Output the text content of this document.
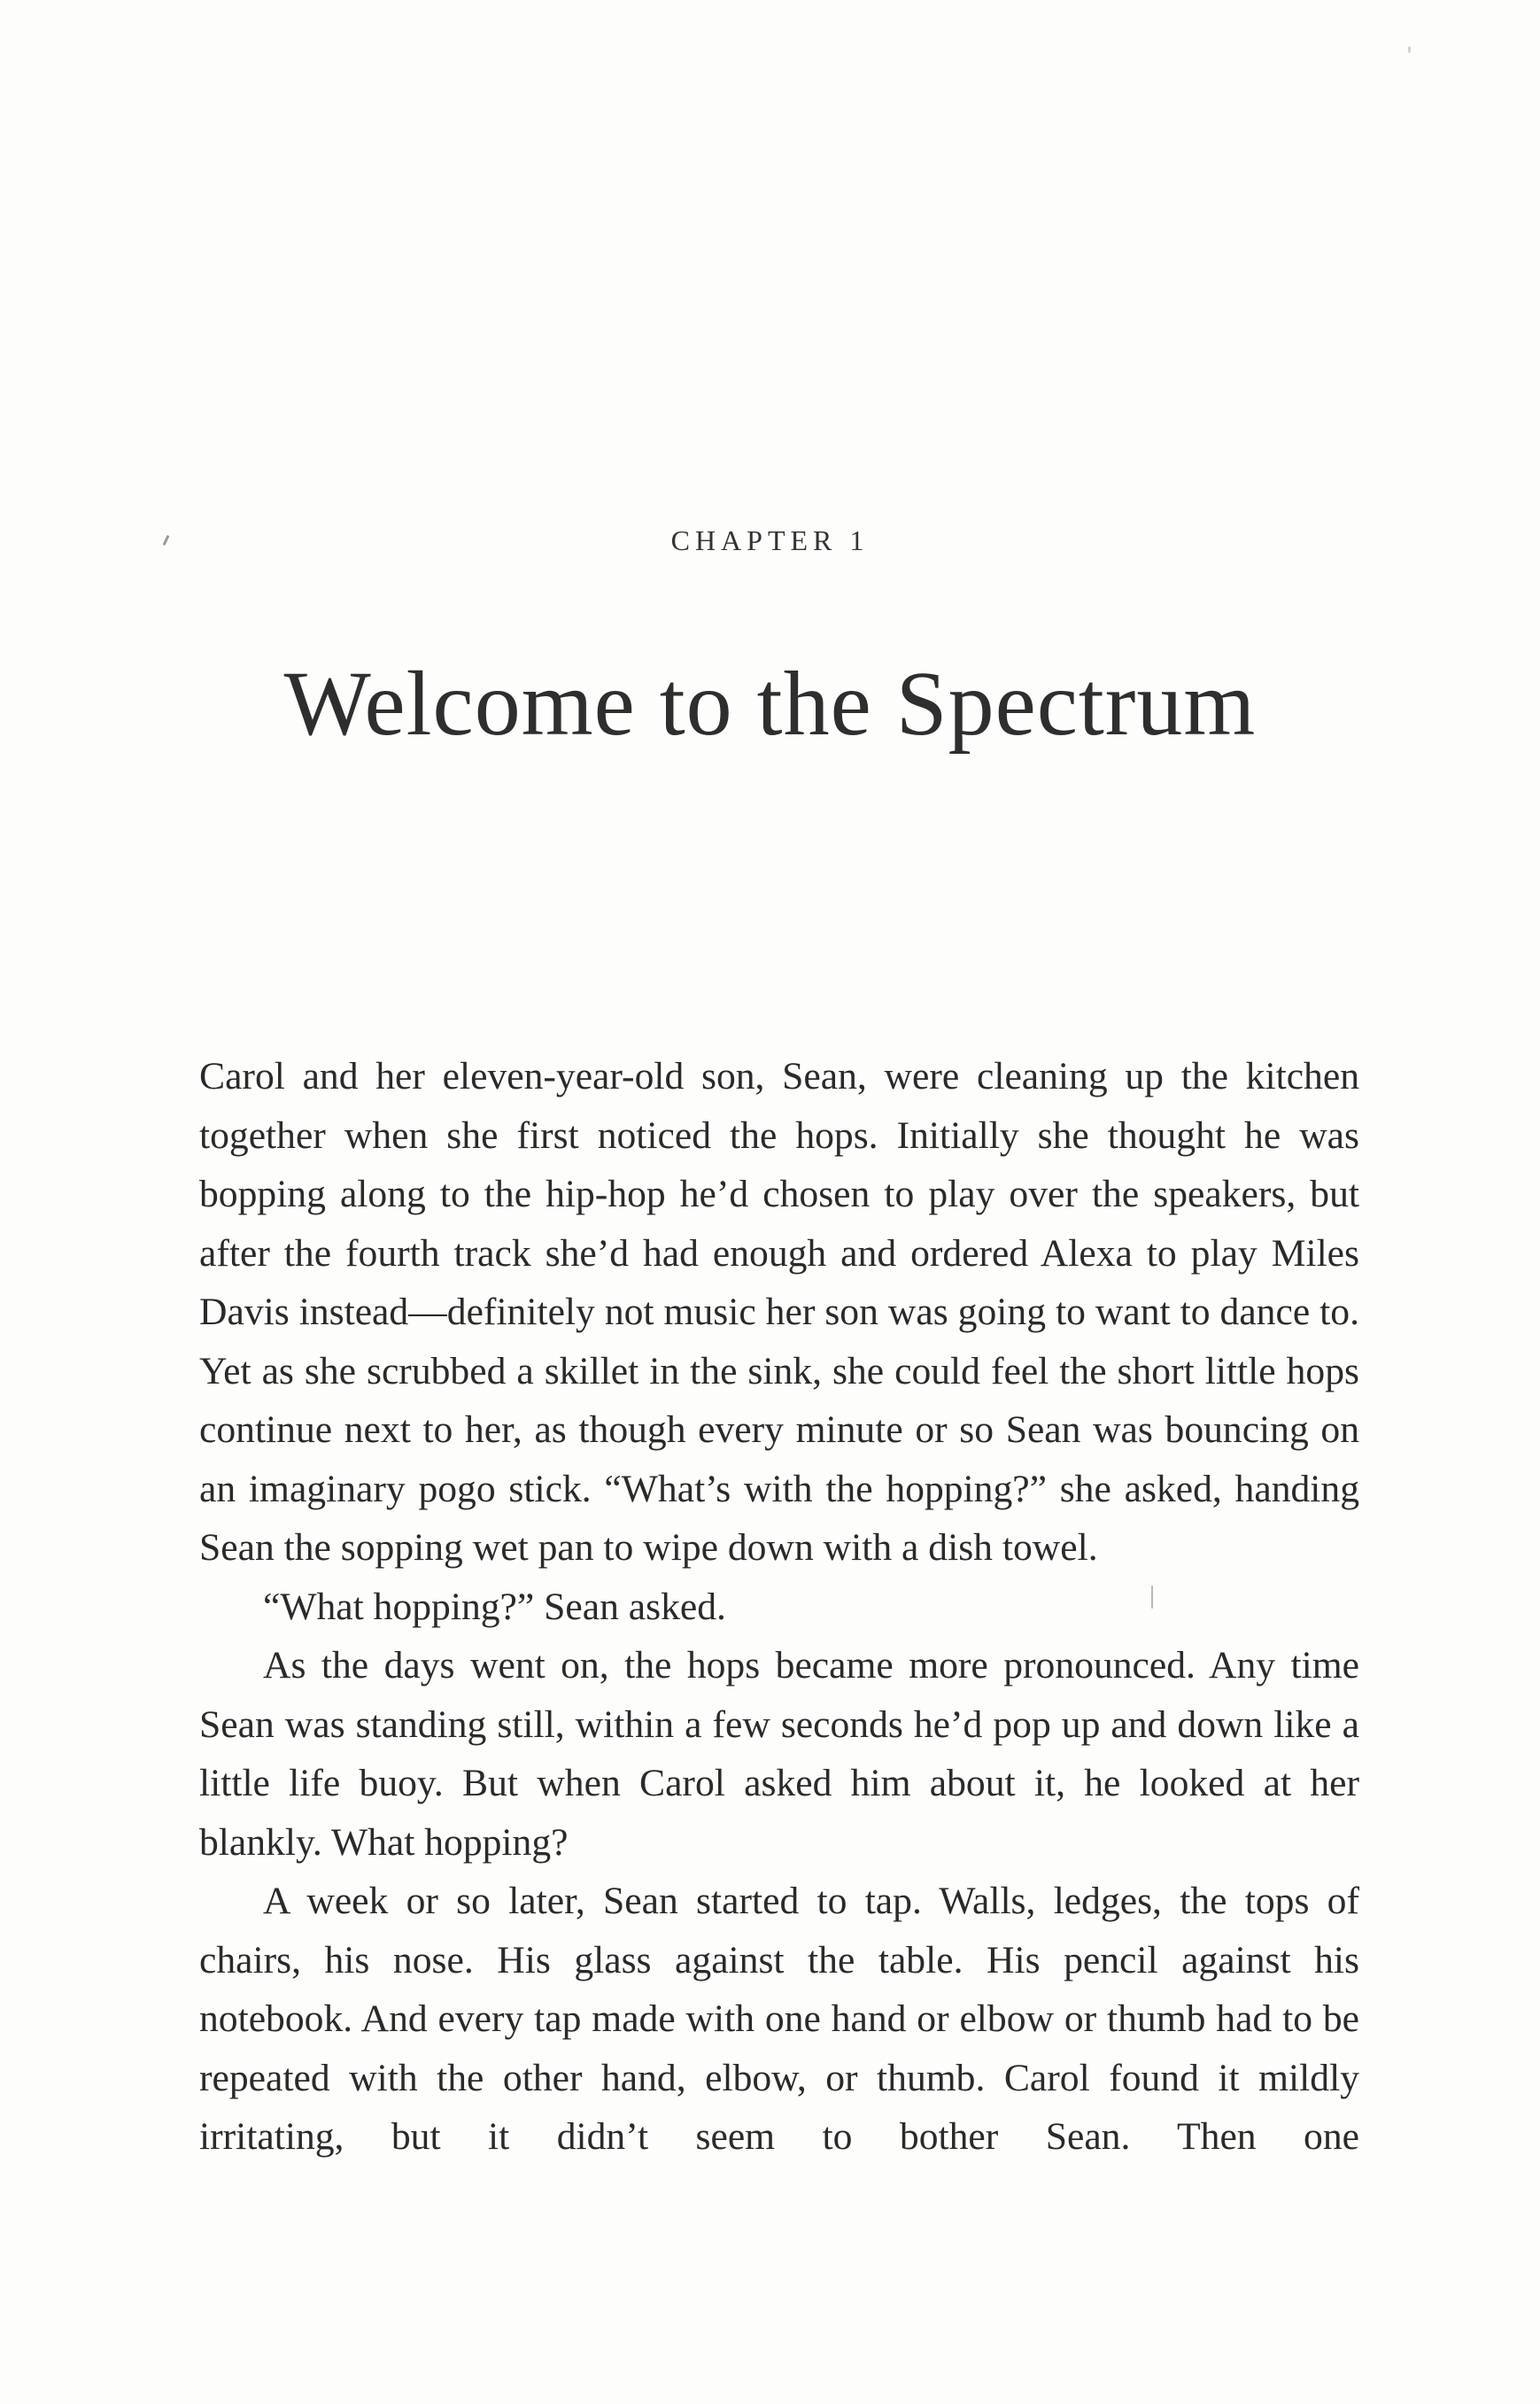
CHAPTER 1
Welcome to the Spectrum

Carol and her eleven-year-old son, Sean, were cleaning up the kitchen together when she first noticed the hops. Initially she thought he was bopping along to the hip-hop he’d chosen to play over the speakers, but after the fourth track she’d had enough and ordered Alexa to play Miles Davis instead—definitely not music her son was going to want to dance to. Yet as she scrubbed a skillet in the sink, she could feel the short little hops continue next to her, as though every minute or so Sean was bouncing on an imaginary pogo stick. “What’s with the hopping?” she asked, handing Sean the sopping wet pan to wipe down with a dish towel.

“What hopping?” Sean asked.

As the days went on, the hops became more pronounced. Any time Sean was standing still, within a few seconds he’d pop up and down like a little life buoy. But when Carol asked him about it, he looked at her blankly. What hopping?

A week or so later, Sean started to tap. Walls, ledges, the tops of chairs, his nose. His glass against the table. His pencil against his notebook. And every tap made with one hand or elbow or thumb had to be repeated with the other hand, elbow, or thumb. Carol found it mildly irritating, but it didn’t seem to bother Sean. Then one
